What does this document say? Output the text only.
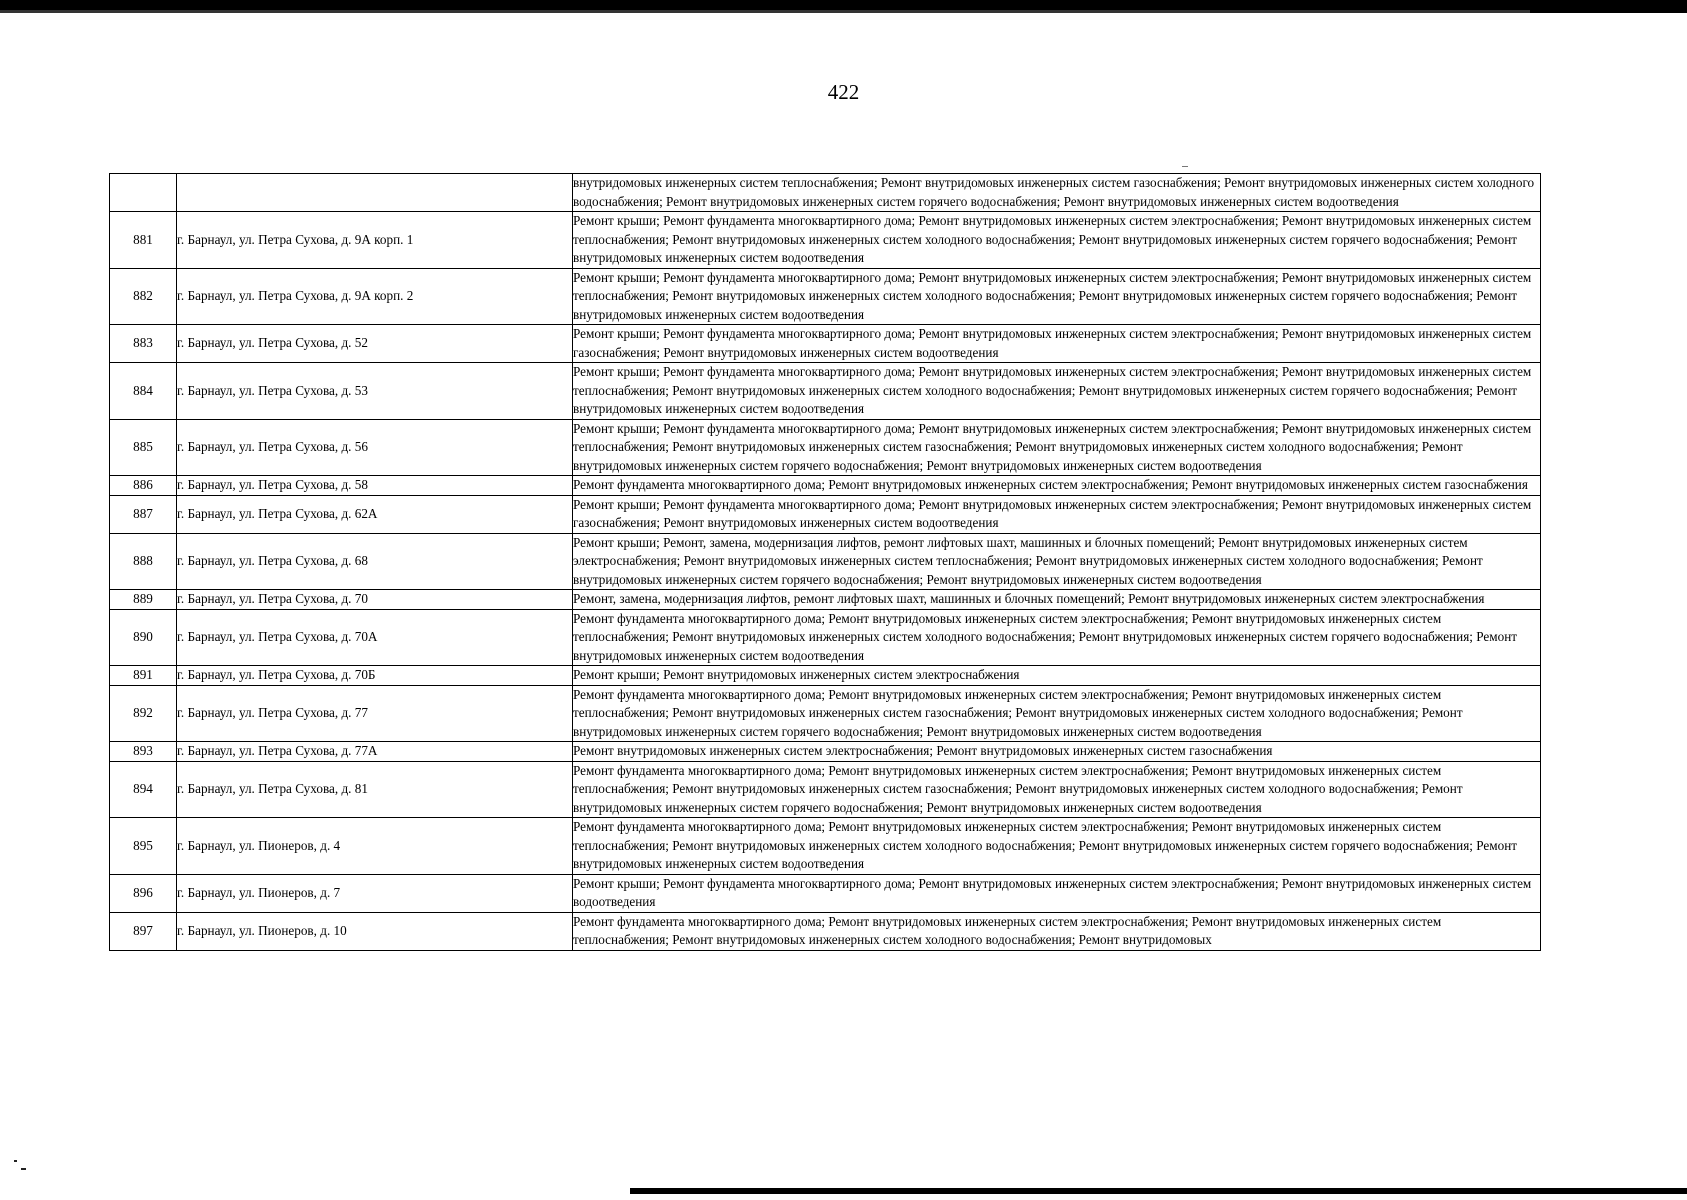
422
		внутридомовых инженерных систем теплоснабжения; Ремонт внутридомовых инженерных систем газоснабжения; Ремонт внутридомовых инженерных систем холодного водоснабжения; Ремонт внутридомовых инженерных систем горячего водоснабжения; Ремонт внутридомовых инженерных систем водоотведения
881	г. Барнаул, ул. Петра Сухова, д. 9А корп. 1	Ремонт крыши; Ремонт фундамента многоквартирного дома; Ремонт внутридомовых инженерных систем электроснабжения; Ремонт внутридомовых инженерных систем теплоснабжения; Ремонт внутридомовых инженерных систем холодного водоснабжения; Ремонт внутридомовых инженерных систем горячего водоснабжения; Ремонт внутридомовых инженерных систем водоотведения
882	г. Барнаул, ул. Петра Сухова, д. 9А корп. 2	Ремонт крыши; Ремонт фундамента многоквартирного дома; Ремонт внутридомовых инженерных систем электроснабжения; Ремонт внутридомовых инженерных систем теплоснабжения; Ремонт внутридомовых инженерных систем холодного водоснабжения; Ремонт внутридомовых инженерных систем горячего водоснабжения; Ремонт внутридомовых инженерных систем водоотведения
883	г. Барнаул, ул. Петра Сухова, д. 52	Ремонт крыши; Ремонт фундамента многоквартирного дома; Ремонт внутридомовых инженерных систем электроснабжения; Ремонт внутридомовых инженерных систем газоснабжения; Ремонт внутридомовых инженерных систем водоотведения
884	г. Барнаул, ул. Петра Сухова, д. 53	Ремонт крыши; Ремонт фундамента многоквартирного дома; Ремонт внутридомовых инженерных систем электроснабжения; Ремонт внутридомовых инженерных систем теплоснабжения; Ремонт внутридомовых инженерных систем холодного водоснабжения; Ремонт внутридомовых инженерных систем горячего водоснабжения; Ремонт внутридомовых инженерных систем водоотведения
885	г. Барнаул, ул. Петра Сухова, д. 56	Ремонт крыши; Ремонт фундамента многоквартирного дома; Ремонт внутридомовых инженерных систем электроснабжения; Ремонт внутридомовых инженерных систем теплоснабжения; Ремонт внутридомовых инженерных систем газоснабжения; Ремонт внутридомовых инженерных систем холодного водоснабжения; Ремонт внутридомовых инженерных систем горячего водоснабжения; Ремонт внутридомовых инженерных систем водоотведения
886	г. Барнаул, ул. Петра Сухова, д. 58	Ремонт фундамента многоквартирного дома; Ремонт внутридомовых инженерных систем электроснабжения; Ремонт внутридомовых инженерных систем газоснабжения
887	г. Барнаул, ул. Петра Сухова, д. 62А	Ремонт крыши; Ремонт фундамента многоквартирного дома; Ремонт внутридомовых инженерных систем электроснабжения; Ремонт внутридомовых инженерных систем газоснабжения; Ремонт внутридомовых инженерных систем водоотведения
888	г. Барнаул, ул. Петра Сухова, д. 68	Ремонт крыши; Ремонт, замена, модернизация лифтов, ремонт лифтовых шахт, машинных и блочных помещений; Ремонт внутридомовых инженерных систем электроснабжения; Ремонт внутридомовых инженерных систем теплоснабжения; Ремонт внутридомовых инженерных систем холодного водоснабжения; Ремонт внутридомовых инженерных систем горячего водоснабжения; Ремонт внутридомовых инженерных систем водоотведения
889	г. Барнаул, ул. Петра Сухова, д. 70	Ремонт, замена, модернизация лифтов, ремонт лифтовых шахт, машинных и блочных помещений; Ремонт внутридомовых инженерных систем электроснабжения
890	г. Барнаул, ул. Петра Сухова, д. 70А	Ремонт фундамента многоквартирного дома; Ремонт внутридомовых инженерных систем электроснабжения; Ремонт внутридомовых инженерных систем теплоснабжения; Ремонт внутридомовых инженерных систем холодного водоснабжения; Ремонт внутридомовых инженерных систем горячего водоснабжения; Ремонт внутридомовых инженерных систем водоотведения
891	г. Барнаул, ул. Петра Сухова, д. 70Б	Ремонт крыши; Ремонт внутридомовых инженерных систем электроснабжения
892	г. Барнаул, ул. Петра Сухова, д. 77	Ремонт фундамента многоквартирного дома; Ремонт внутридомовых инженерных систем электроснабжения; Ремонт внутридомовых инженерных систем теплоснабжения; Ремонт внутридомовых инженерных систем газоснабжения; Ремонт внутридомовых инженерных систем холодного водоснабжения; Ремонт внутридомовых инженерных систем горячего водоснабжения; Ремонт внутридомовых инженерных систем водоотведения
893	г. Барнаул, ул. Петра Сухова, д. 77А	Ремонт внутридомовых инженерных систем электроснабжения; Ремонт внутридомовых инженерных систем газоснабжения
894	г. Барнаул, ул. Петра Сухова, д. 81	Ремонт фундамента многоквартирного дома; Ремонт внутридомовых инженерных систем электроснабжения; Ремонт внутридомовых инженерных систем теплоснабжения; Ремонт внутридомовых инженерных систем газоснабжения; Ремонт внутридомовых инженерных систем холодного водоснабжения; Ремонт внутридомовых инженерных систем горячего водоснабжения; Ремонт внутридомовых инженерных систем водоотведения
895	г. Барнаул, ул. Пионеров, д. 4	Ремонт фундамента многоквартирного дома; Ремонт внутридомовых инженерных систем электроснабжения; Ремонт внутридомовых инженерных систем теплоснабжения; Ремонт внутридомовых инженерных систем холодного водоснабжения; Ремонт внутридомовых инженерных систем горячего водоснабжения; Ремонт внутридомовых инженерных систем водоотведения
896	г. Барнаул, ул. Пионеров, д. 7	Ремонт крыши; Ремонт фундамента многоквартирного дома; Ремонт внутридомовых инженерных систем электроснабжения; Ремонт внутридомовых инженерных систем водоотведения
897	г. Барнаул, ул. Пионеров, д. 10	Ремонт фундамента многоквартирного дома; Ремонт внутридомовых инженерных систем электроснабжения; Ремонт внутридомовых инженерных систем теплоснабжения; Ремонт внутридомовых инженерных систем холодного водоснабжения; Ремонт внутридомовых
